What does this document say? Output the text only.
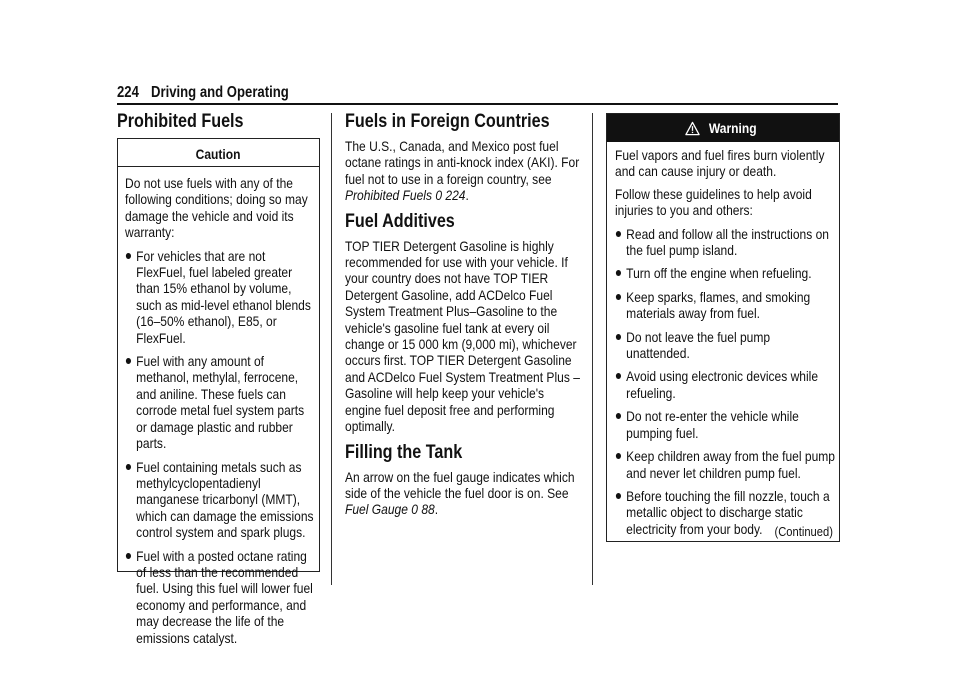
224 Driving and Operating
Prohibited Fuels
Caution

Do not use fuels with any of the following conditions; doing so may damage the vehicle and void its warranty:

For vehicles that are not FlexFuel, fuel labeled greater than 15% ethanol by volume, such as mid-level ethanol blends (16–50% ethanol), E85, or FlexFuel.
Fuel with any amount of methanol, methylal, ferrocene, and aniline. These fuels can corrode metal fuel system parts or damage plastic and rubber parts.
Fuel containing metals such as methylcyclopentadienyl manganese tricarbonyl (MMT), which can damage the emissions control system and spark plugs.
Fuel with a posted octane rating of less than the recommended fuel. Using this fuel will lower fuel economy and performance, and may decrease the life of the emissions catalyst.
Fuels in Foreign Countries

The U.S., Canada, and Mexico post fuel octane ratings in anti-knock index (AKI). For fuel not to use in a foreign country, see Prohibited Fuels 0 224.

Fuel Additives

TOP TIER Detergent Gasoline is highly recommended for use with your vehicle. If your country does not have TOP TIER Detergent Gasoline, add ACDelco Fuel System Treatment Plus–Gasoline to the vehicle's gasoline fuel tank at every oil change or 15 000 km (9,000 mi), whichever occurs first. TOP TIER Detergent Gasoline and ACDelco Fuel System Treatment Plus –Gasoline will help keep your vehicle's engine fuel deposit free and performing optimally.

Filling the Tank

An arrow on the fuel gauge indicates which side of the vehicle the fuel door is on. See Fuel Gauge 0 88.

Warning

Fuel vapors and fuel fires burn violently and can cause injury or death.

Follow these guidelines to help avoid injuries to you and others:

Read and follow all the instructions on the fuel pump island.
Turn off the engine when refueling.
Keep sparks, flames, and smoking materials away from fuel.
Do not leave the fuel pump unattended.
Avoid using electronic devices while refueling.
Do not re-enter the vehicle while pumping fuel.
Keep children away from the fuel pump and never let children pump fuel.
Before touching the fill nozzle, touch a metallic object to discharge static electricity from your body. (Continued)
